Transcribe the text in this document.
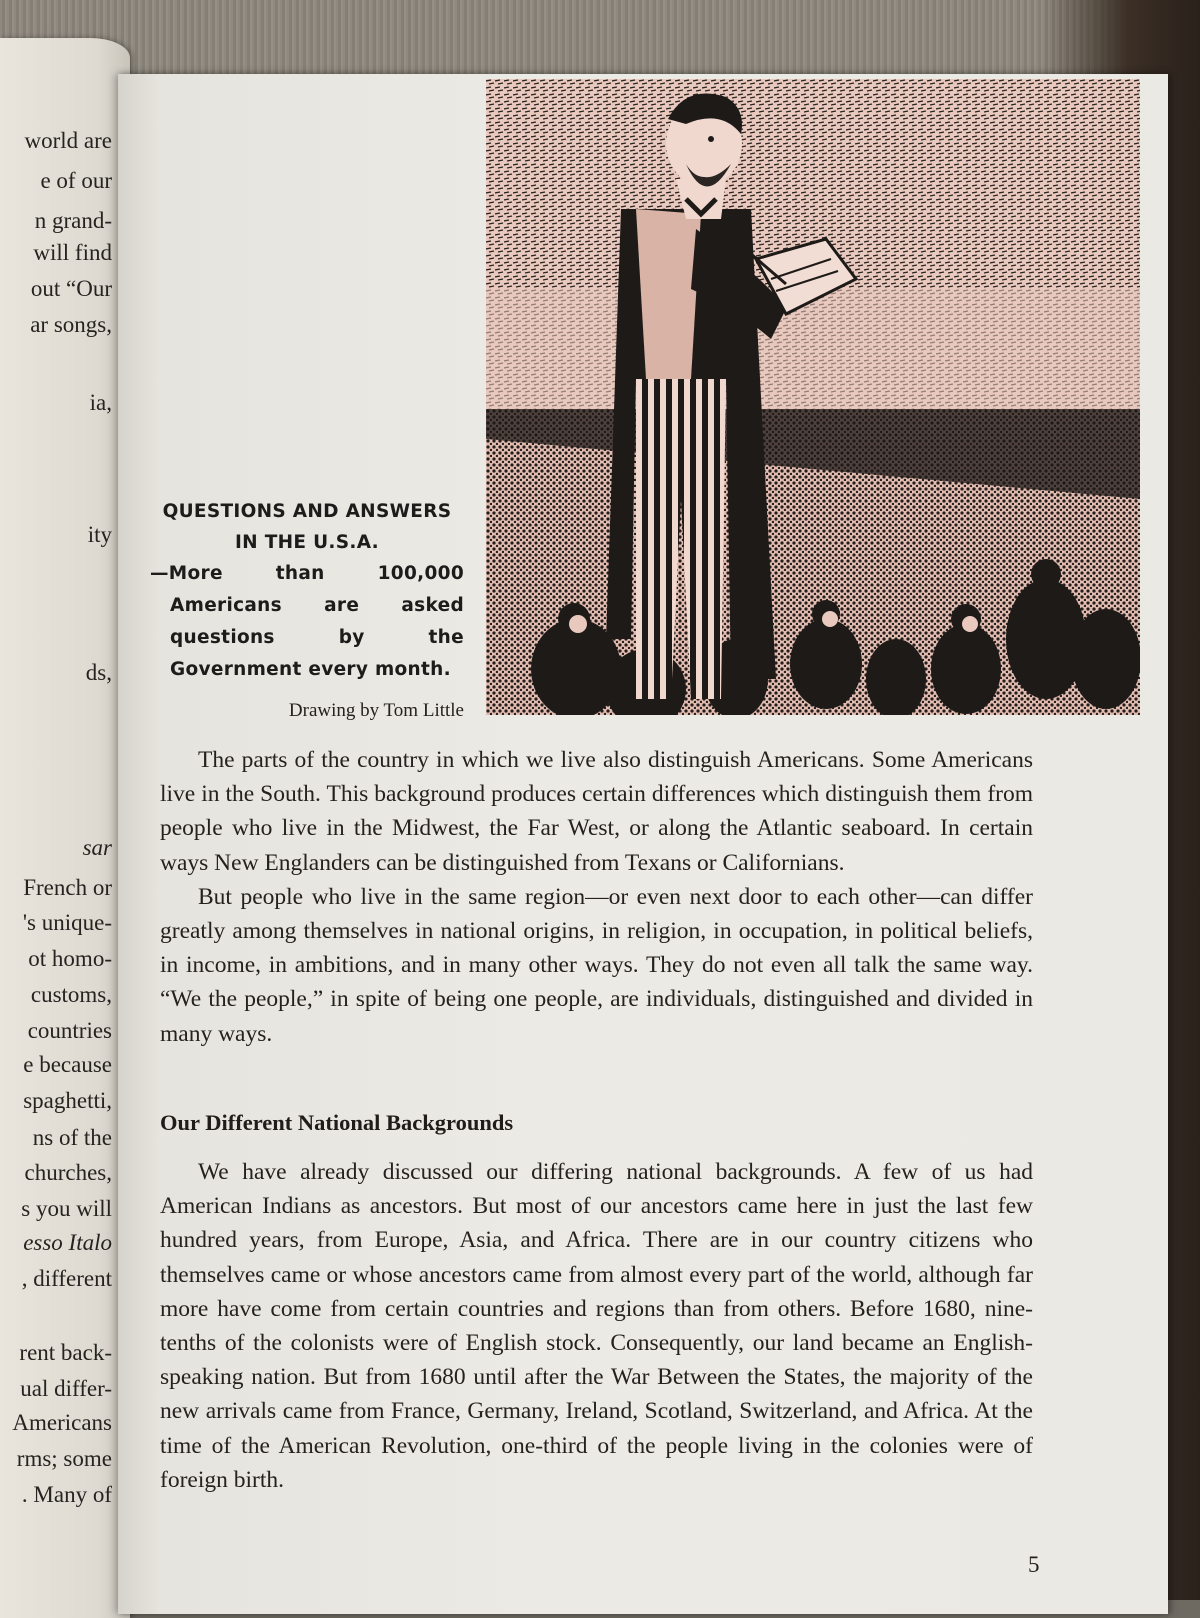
world are
e of our
n grand-
will find
out “Our
ar songs,
ia,
ity
ds,
sar
French or
's unique-
ot homo-
customs,
countries
e because
spaghetti,
ns of the
churches,
s you will
esso Italo
, different
rent back-
ual differ-
Americans
rms; some
. Many of
QUESTIONS AND ANSWERS
IN THE U.S.A.
—More than 100,000 Americans are asked questions by the Government every month.
Drawing by Tom Little

The parts of the country in which we live also distinguish Americans. Some Americans live in the South. This background produces certain differences which distinguish them from people who live in the Midwest, the Far West, or along the Atlantic seaboard. In certain ways New Englanders can be distinguished from Texans or Californians.

But people who live in the same region—or even next door to each other—can differ greatly among themselves in national origins, in religion, in occupation, in political beliefs, in income, in ambitions, and in many other ways. They do not even all talk the same way. “We the people,” in spite of being one people, are individuals, distinguished and divided in many ways.

Our Different National Backgrounds

We have already discussed our differing national backgrounds. A few of us had American Indians as ancestors. But most of our ancestors came here in just the last few hundred years, from Europe, Asia, and Africa. There are in our country citizens who themselves came or whose ancestors came from almost every part of the world, although far more have come from certain countries and regions than from others. Before 1680, nine-tenths of the colonists were of English stock. Consequently, our land became an English-speaking nation. But from 1680 until after the War Between the States, the majority of the new arrivals came from France, Germany, Ireland, Scotland, Switzerland, and Africa. At the time of the American Revolution, one-third of the people living in the colonies were of foreign birth.

5
